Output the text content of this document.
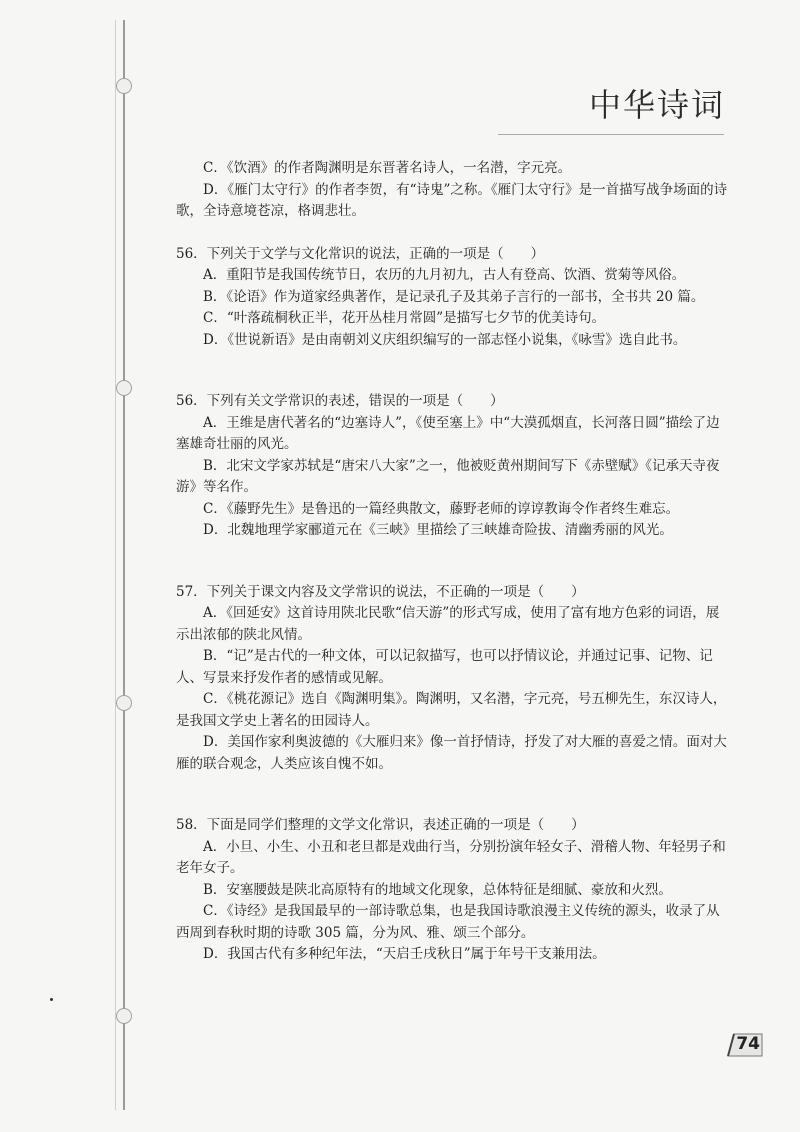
中华诗词

C．《饮酒》的作者陶渊明是东晋著名诗人，一名潜，字元亮。

D．《雁门太守行》的作者李贺，有“诗鬼”之称。《雁门太守行》是一首描写战争场面的诗歌，全诗意境苍凉，格调悲壮。

56．下列关于文学与文化常识的说法，正确的一项是（　　）

A．重阳节是我国传统节日，农历的九月初九，古人有登高、饮酒、赏菊等风俗。

B．《论语》作为道家经典著作，是记录孔子及其弟子言行的一部书，全书共 20 篇。

C．“叶落疏桐秋正半，花开丛桂月常圆”是描写七夕节的优美诗句。

D．《世说新语》是由南朝刘义庆组织编写的一部志怪小说集，《咏雪》选自此书。

56．下列有关文学常识的表述，错误的一项是（　　）

A．王维是唐代著名的“边塞诗人”，《使至塞上》中“大漠孤烟直，长河落日圆”描绘了边塞雄奇壮丽的风光。

B．北宋文学家苏轼是“唐宋八大家”之一，他被贬黄州期间写下《赤壁赋》《记承天寺夜游》等名作。

C．《藤野先生》是鲁迅的一篇经典散文，藤野老师的谆谆教诲令作者终生难忘。

D．北魏地理学家郦道元在《三峡》里描绘了三峡雄奇险拔、清幽秀丽的风光。

57．下列关于课文内容及文学常识的说法，不正确的一项是（　　）

A．《回延安》这首诗用陕北民歌“信天游”的形式写成，使用了富有地方色彩的词语，展示出浓郁的陕北风情。

B．“记”是古代的一种文体，可以记叙描写，也可以抒情议论，并通过记事、记物、记人、写景来抒发作者的感情或见解。

C．《桃花源记》选自《陶渊明集》。陶渊明，又名潜，字元亮，号五柳先生，东汉诗人，是我国文学史上著名的田园诗人。

D．美国作家利奥波德的《大雁归来》像一首抒情诗，抒发了对大雁的喜爱之情。面对大雁的联合观念，人类应该自愧不如。

58．下面是同学们整理的文学文化常识，表述正确的一项是（　　）

A．小旦、小生、小丑和老旦都是戏曲行当，分别扮演年轻女子、滑稽人物、年轻男子和老年女子。

B．安塞腰鼓是陕北高原特有的地域文化现象，总体特征是细腻、豪放和火烈。

C．《诗经》是我国最早的一部诗歌总集，也是我国诗歌浪漫主义传统的源头，收录了从西周到春秋时期的诗歌 305 篇，分为风、雅、颂三个部分。

D．我国古代有多种纪年法，“天启壬戌秋日”属于年号干支兼用法。

74
